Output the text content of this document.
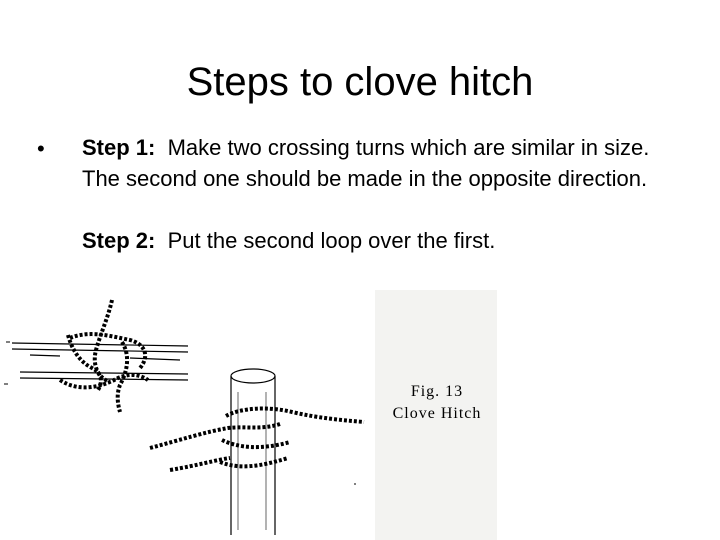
Steps to clove hitch
• Step 1: Make two crossing turns which are similar in size. The second one should be made in the opposite direction.

Step 2: Put the second loop over the first.

Fig. 13
Clove Hitch
